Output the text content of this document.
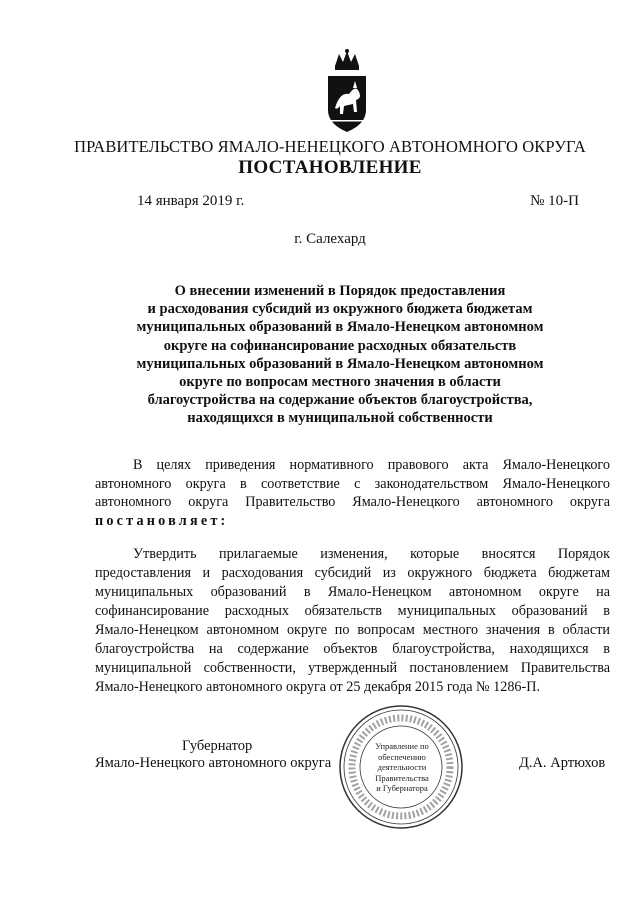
ПРАВИТЕЛЬСТВО ЯМАЛО-НЕНЕЦКОГО АВТОНОМНОГО ОКРУГА
ПОСТАНОВЛЕНИЕ
14 января 2019 г.	№ 10-П
г. Салехард
О внесении изменений в Порядок предоставления
и расходования субсидий из окружного бюджета бюджетам
муниципальных образований в Ямало-Ненецком автономном
округе на софинансирование расходных обязательств
муниципальных образований в Ямало-Ненецком автономном
округе по вопросам местного значения в области
благоустройства на содержание объектов благоустройства,
находящихся в муниципальной собственности
В целях приведения нормативного правового акта Ямало-Ненецкого
автономного округа в соответствие с законодательством Ямало-Ненецкого
автономного округа Правительство Ямало-Ненецкого автономного округа
постановляет:
Утвердить прилагаемые изменения, которые вносятся Порядок
предоставления и расходования субсидий из окружного бюджета бюджетам
муниципальных образований в Ямало-Ненецком автономном округе на
софинансирование расходных обязательств муниципальных образований в
Ямало-Ненецком автономном округе по вопросам местного значения в области
благоустройства на содержание объектов благоустройства, находящихся в
муниципальной собственности, утвержденный постановлением Правительства
Ямало-Ненецкого автономного округа от 25 декабря 2015 года № 1286-П.
Управление по
обеспечению
деятельности
Правительства
и Губернатора
Губернатор
Ямало-Ненецкого автономного округа	Д.А. Артюхов
